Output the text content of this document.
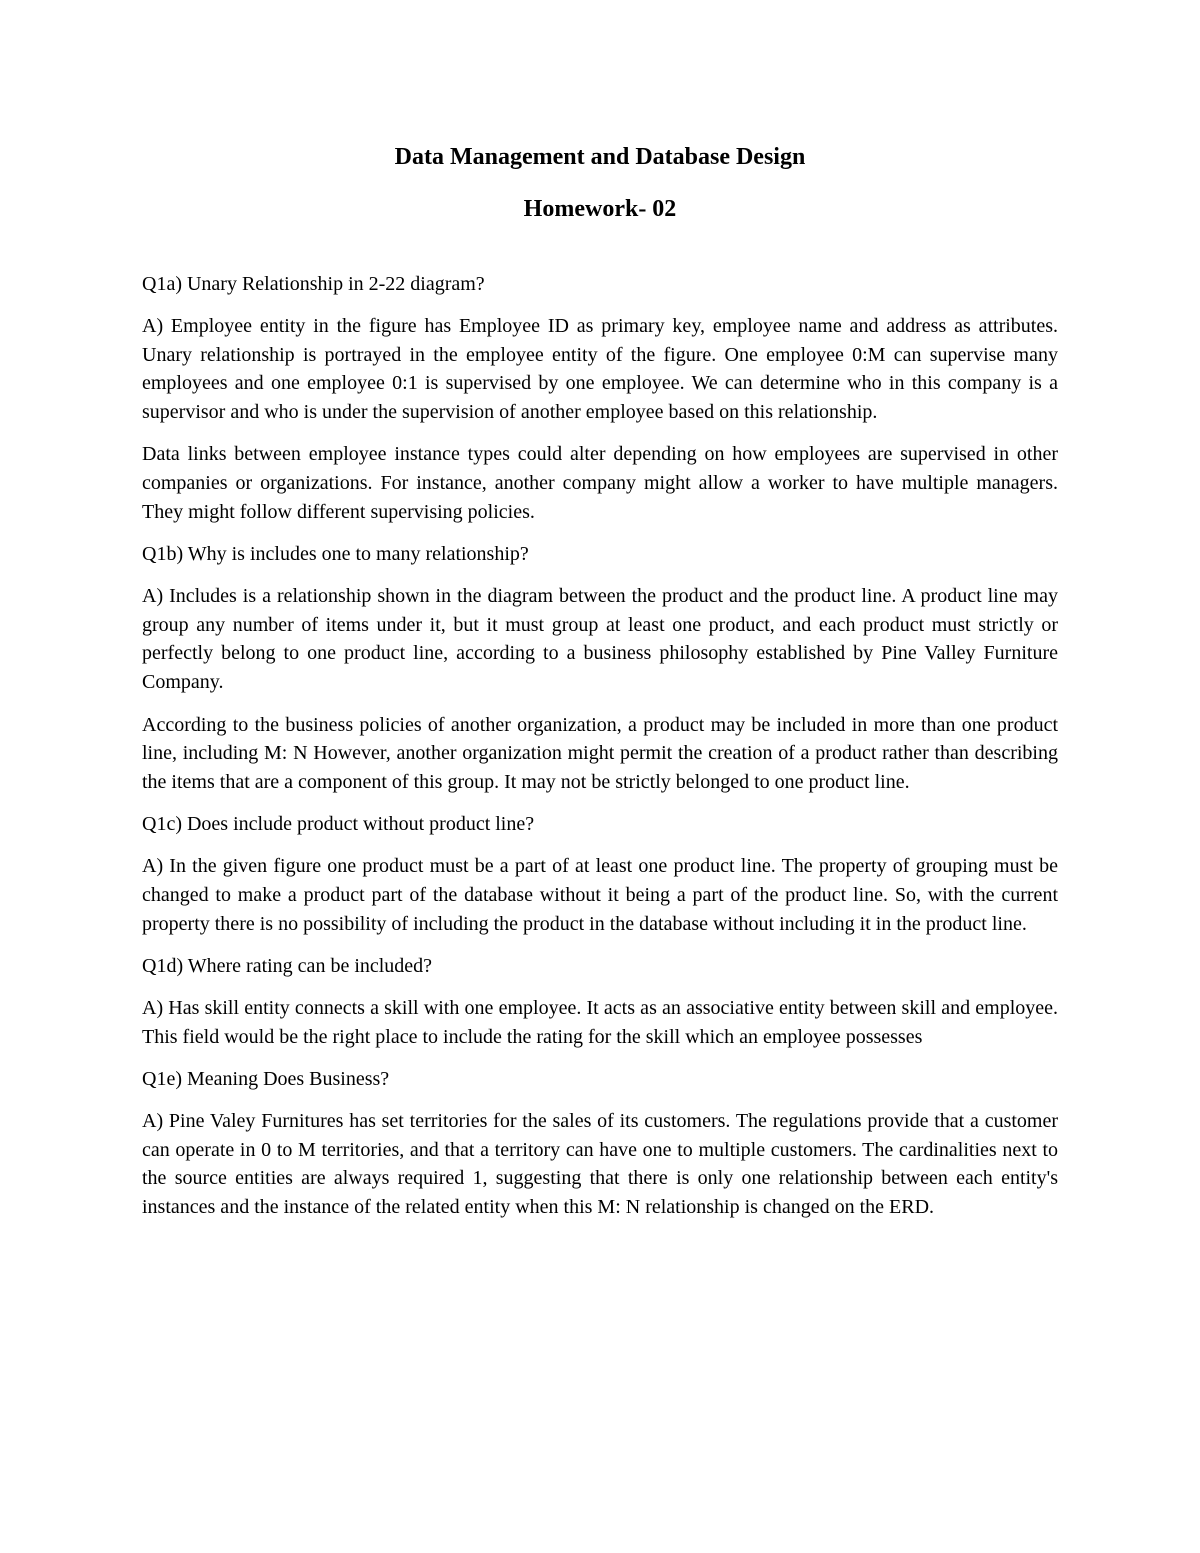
Data Management and Database Design
Homework- 02

Q1a) Unary Relationship in 2-22 diagram?

A) Employee entity in the figure has Employee ID as primary key, employee name and address as attributes. Unary relationship is portrayed in the employee entity of the figure. One employee 0:M can supervise many employees and one employee 0:1 is supervised by one employee. We can determine who in this company is a supervisor and who is under the supervision of another employee based on this relationship.

Data links between employee instance types could alter depending on how employees are supervised in other companies or organizations. For instance, another company might allow a worker to have multiple managers. They might follow different supervising policies.

Q1b) Why is includes one to many relationship?

A) Includes is a relationship shown in the diagram between the product and the product line. A product line may group any number of items under it, but it must group at least one product, and each product must strictly or perfectly belong to one product line, according to a business philosophy established by Pine Valley Furniture Company.

According to the business policies of another organization, a product may be included in more than one product line, including M: N However, another organization might permit the creation of a product rather than describing the items that are a component of this group. It may not be strictly belonged to one product line.

Q1c) Does include product without product line?

A) In the given figure one product must be a part of at least one product line. The property of grouping must be changed to make a product part of the database without it being a part of the product line. So, with the current property there is no possibility of including the product in the database without including it in the product line.

Q1d) Where rating can be included?

A) Has skill entity connects a skill with one employee. It acts as an associative entity between skill and employee. This field would be the right place to include the rating for the skill which an employee possesses

Q1e) Meaning Does Business?

A) Pine Valey Furnitures has set territories for the sales of its customers. The regulations provide that a customer can operate in 0 to M territories, and that a territory can have one to multiple customers. The cardinalities next to the source entities are always required 1, suggesting that there is only one relationship between each entity's instances and the instance of the related entity when this M: N relationship is changed on the ERD.
